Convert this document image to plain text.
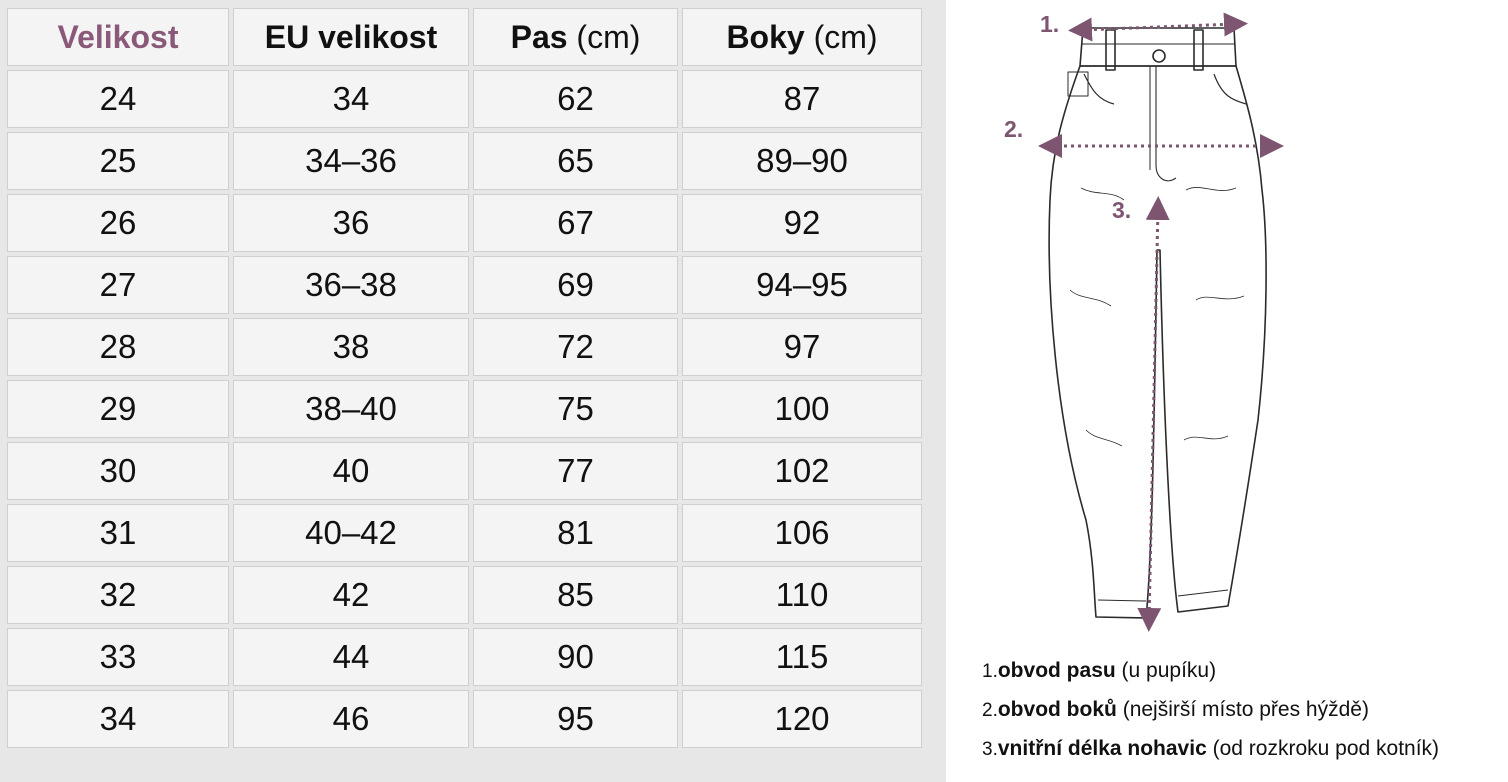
Velikost	EU velikost	Pas (cm)	Boky (cm)
24	34	62	87
25	34–36	65	89–90
26	36	67	92
27	36–38	69	94–95
28	38	72	97
29	38–40	75	100
30	40	77	102
31	40–42	81	106
32	42	85	110
33	44	90	115
34	46	95	120
1.
2.
3.
1.obvod pasu (u pupíku)
2.obvod boků (nejširší místo přes hýždě)
3.vnitřní délka nohavic (od rozkroku pod kotník)
